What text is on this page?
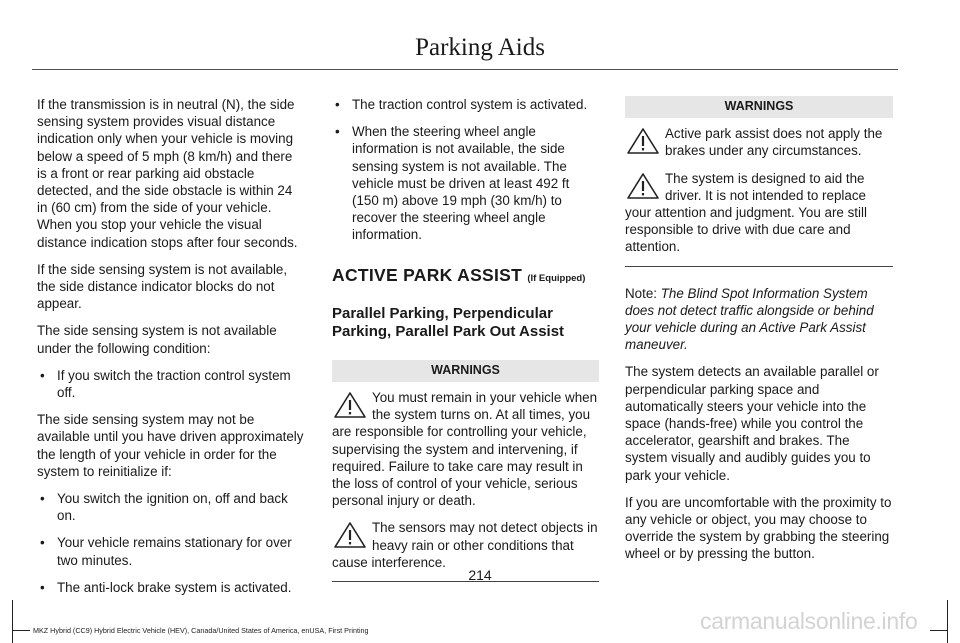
Parking Aids

If the transmission is in neutral (N), the side sensing system provides visual distance indication only when your vehicle is moving below a speed of 5 mph (8 km/h) and there is a front or rear parking aid obstacle detected, and the side obstacle is within 24 in (60 cm) from the side of your vehicle. When you stop your vehicle the visual distance indication stops after four seconds.

If the side sensing system is not available, the side distance indicator blocks do not appear.

The side sensing system is not available under the following condition:

• If you switch the traction control system off.

The side sensing system may not be available until you have driven approximately the length of your vehicle in order for the system to reinitialize if:

• You switch the ignition on, off and back on.
• Your vehicle remains stationary for over two minutes.
• The anti-lock brake system is activated.
• The traction control system is activated.
• When the steering wheel angle information is not available, the side sensing system is not available. The vehicle must be driven at least 492 ft (150 m) above 19 mph (30 km/h) to recover the steering wheel angle information.
ACTIVE PARK ASSIST (If Equipped)
Parallel Parking, Perpendicular Parking, Parallel Park Out Assist
WARNINGS

You must remain in your vehicle when the system turns on. At all times, you are responsible for controlling your vehicle, supervising the system and intervening, if required. Failure to take care may result in the loss of control of your vehicle, serious personal injury or death.

The sensors may not detect objects in heavy rain or other conditions that cause interference.

WARNINGS

Active park assist does not apply the brakes under any circumstances.

The system is designed to aid the driver. It is not intended to replace your attention and judgment. You are still responsible to drive with due care and attention.

Note: The Blind Spot Information System does not detect traffic alongside or behind your vehicle during an Active Park Assist maneuver.

The system detects an available parallel or perpendicular parking space and automatically steers your vehicle into the space (hands-free) while you control the accelerator, gearshift and brakes. The system visually and audibly guides you to park your vehicle.

If you are uncomfortable with the proximity to any vehicle or object, you may choose to override the system by grabbing the steering wheel or by pressing the button.

214
MKZ Hybrid (CC9) Hybrid Electric Vehicle (HEV), Canada/United States of America, enUSA, First Printing	carmanualsonline.info
